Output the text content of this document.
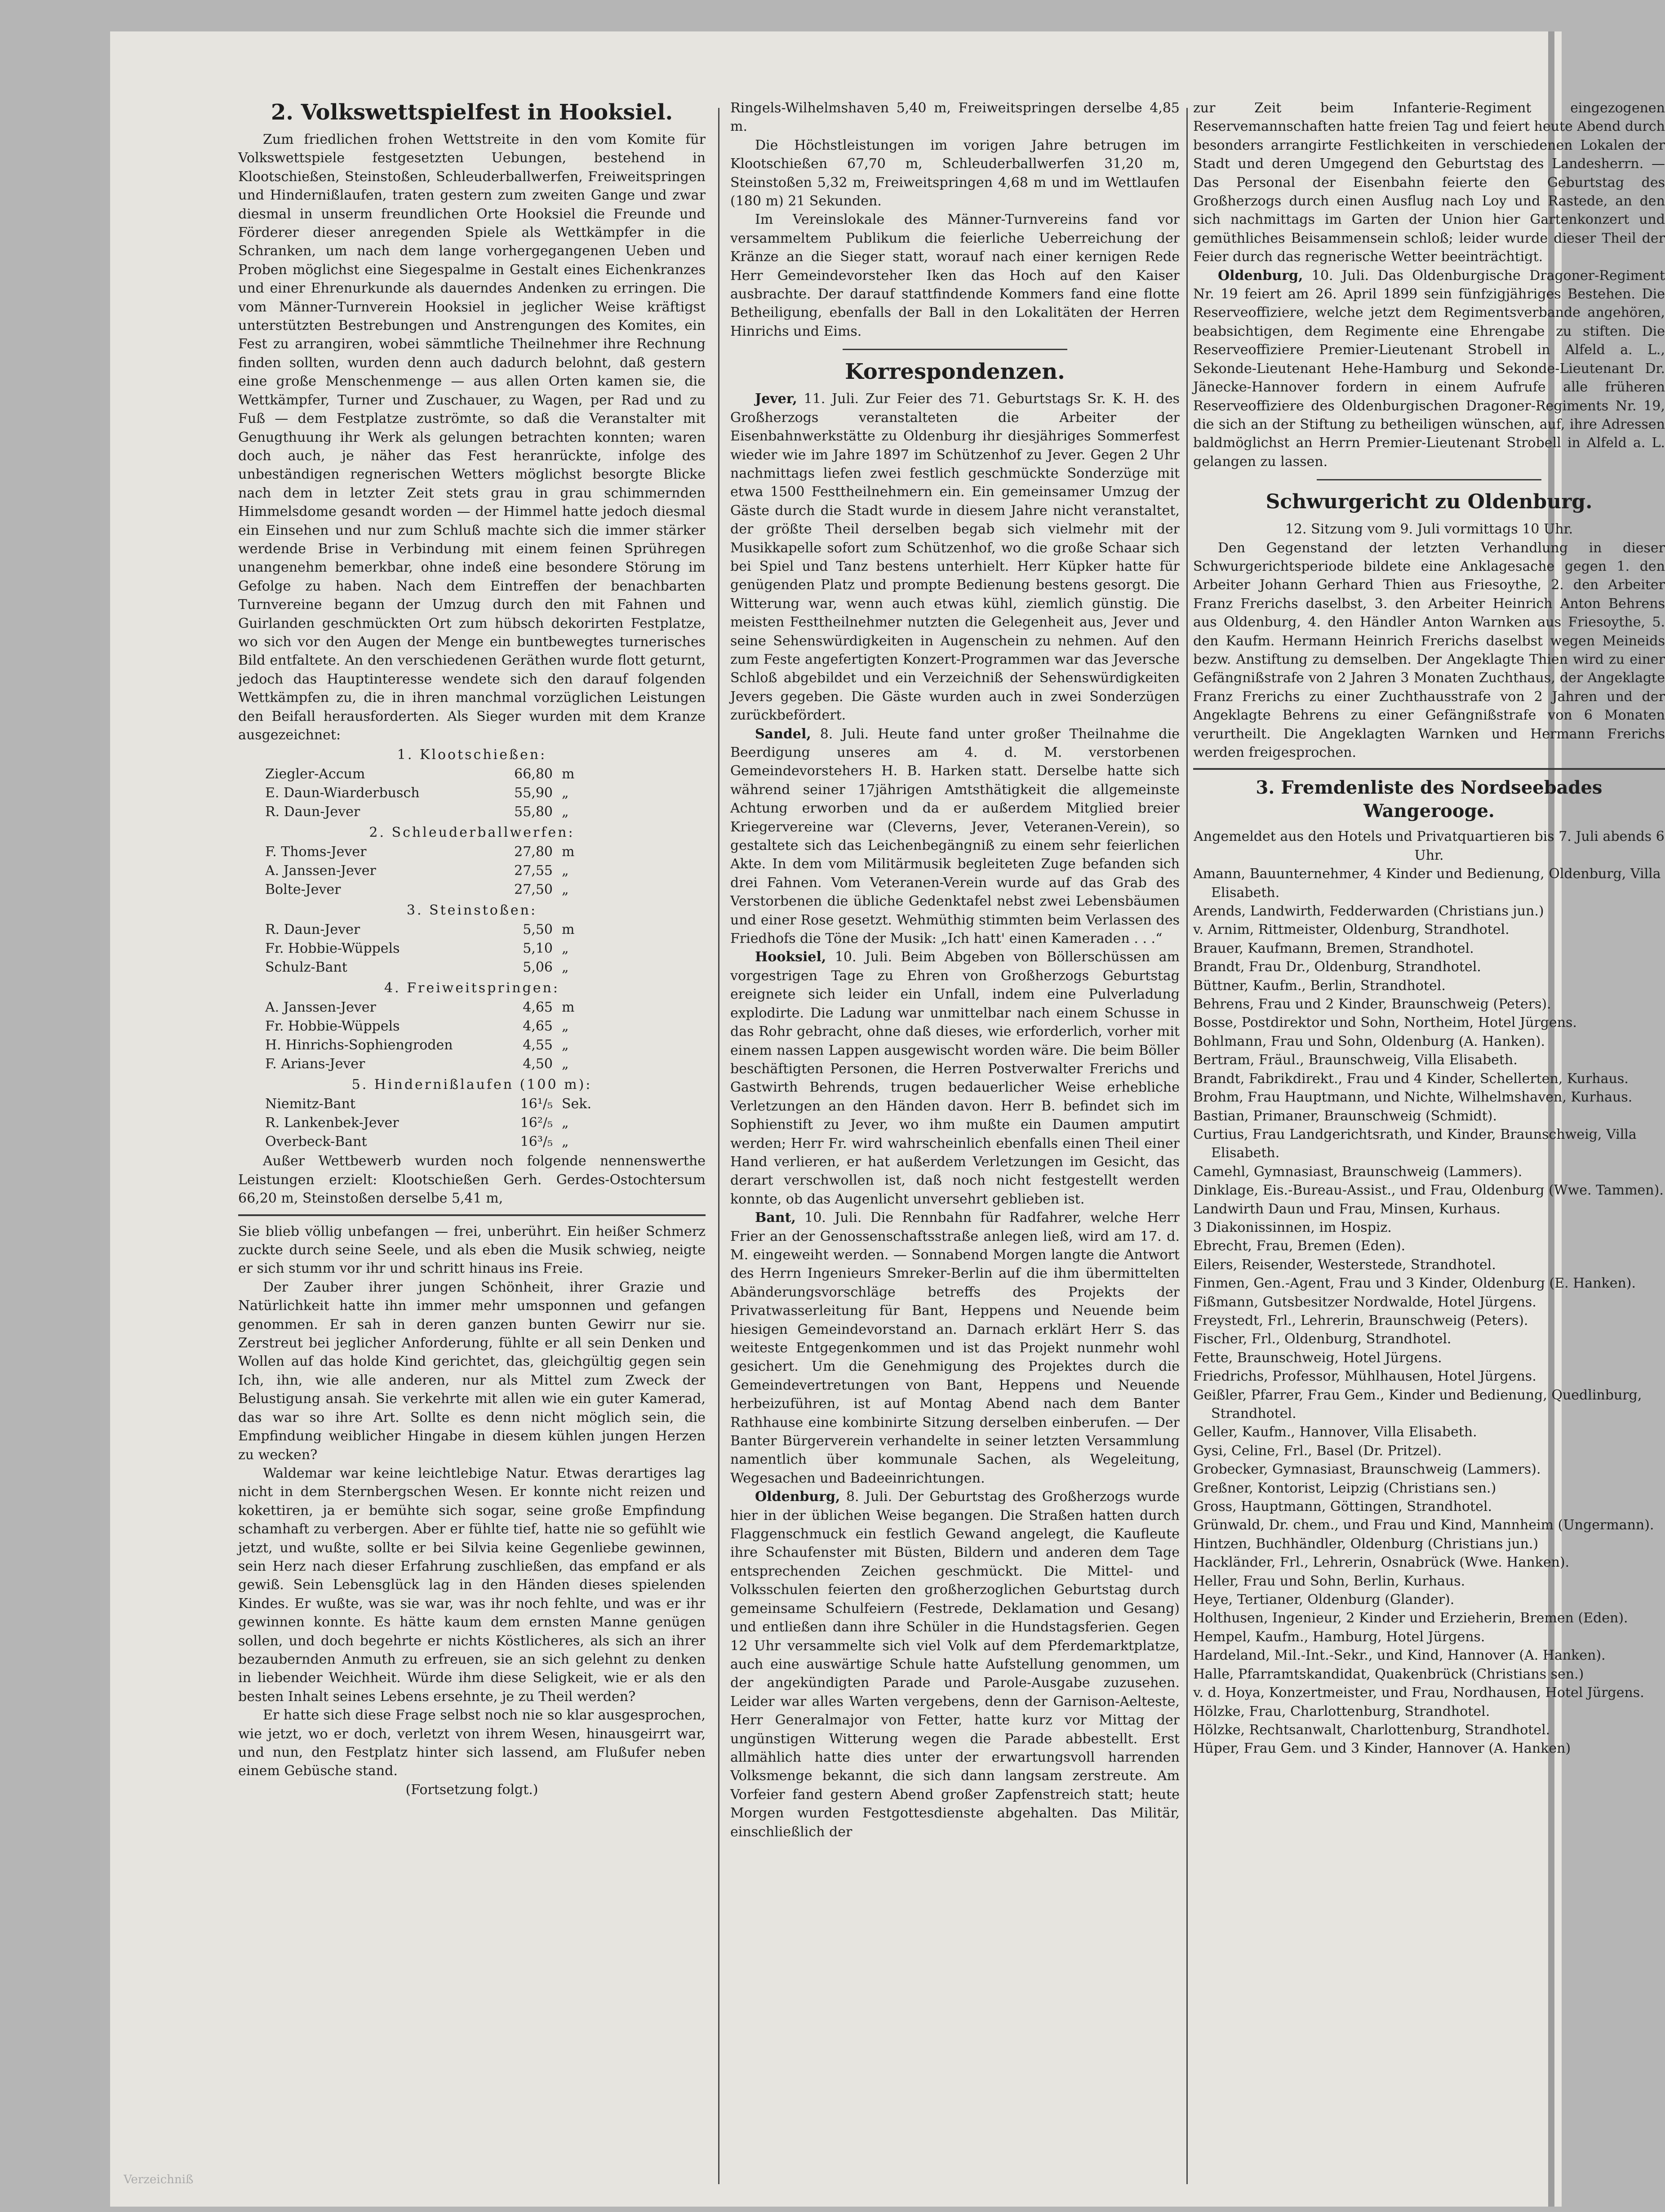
2. Volkswettspielfest in Hooksiel.

Zum friedlichen frohen Wettstreite in den vom Komite für Volkswettspiele festgesetzten Uebungen, bestehend in Klootschießen, Steinstoßen, Schleuderballwerfen, Freiweitspringen und Hindernißlaufen, traten gestern zum zweiten Gange und zwar diesmal in unserm freundlichen Orte Hooksiel die Freunde und Förderer dieser anregenden Spiele als Wettkämpfer in die Schranken, um nach dem lange vorhergegangenen Ueben und Proben möglichst eine Siegespalme in Gestalt eines Eichenkranzes und einer Ehrenurkunde als dauerndes Andenken zu erringen. Die vom Männer-Turnverein Hooksiel in jeglicher Weise kräftigst unterstützten Bestrebungen und Anstrengungen des Komites, ein Fest zu arrangiren, wobei sämmtliche Theilnehmer ihre Rechnung finden sollten, wurden denn auch dadurch belohnt, daß gestern eine große Menschenmenge — aus allen Orten kamen sie, die Wettkämpfer, Turner und Zuschauer, zu Wagen, per Rad und zu Fuß — dem Festplatze zuströmte, so daß die Veranstalter mit Genugthuung ihr Werk als gelungen betrachten konnten; waren doch auch, je näher das Fest heranrückte, infolge des unbeständigen regnerischen Wetters möglichst besorgte Blicke nach dem in letzter Zeit stets grau in grau schimmernden Himmelsdome gesandt worden — der Himmel hatte jedoch diesmal ein Einsehen und nur zum Schluß machte sich die immer stärker werdende Brise in Verbindung mit einem feinen Sprühregen unangenehm bemerkbar, ohne indeß eine besondere Störung im Gefolge zu haben. Nach dem Eintreffen der benachbarten Turnvereine begann der Umzug durch den mit Fahnen und Guirlanden geschmückten Ort zum hübsch dekorirten Festplatze, wo sich vor den Augen der Menge ein buntbewegtes turnerisches Bild entfaltete. An den verschiedenen Geräthen wurde flott geturnt, jedoch das Hauptinteresse wendete sich den darauf folgenden Wettkämpfen zu, die in ihren manchmal vorzüglichen Leistungen den Beifall herausforderten. Als Sieger wurden mit dem Kranze ausgezeichnet:

1. Klootschießen:
Ziegler-Accum	66,80	m
E. Daun-Wiarderbusch	55,90	„
R. Daun-Jever	55,80	„
2. Schleuderballwerfen:
F. Thoms-Jever	27,80	m
A. Janssen-Jever	27,55	„
Bolte-Jever	27,50	„
3. Steinstoßen:
R. Daun-Jever	5,50	m
Fr. Hobbie-Wüppels	5,10	„
Schulz-Bant	5,06	„
4. Freiweitspringen:
A. Janssen-Jever	4,65	m
Fr. Hobbie-Wüppels	4,65	„
H. Hinrichs-Sophiengroden	4,55	„
F. Arians-Jever	4,50	„
5. Hindernißlaufen (100 m):
Niemitz-Bant	16¹/₅	Sek.
R. Lankenbek-Jever	16²/₅	„
Overbeck-Bant	16³/₅	„

Außer Wettbewerb wurden noch folgende nennenswerthe Leistungen erzielt: Klootschießen Gerh. Gerdes-Ostochtersum 66,20 m, Steinstoßen derselbe 5,41 m,

Sie blieb völlig unbefangen — frei, unberührt. Ein heißer Schmerz zuckte durch seine Seele, und als eben die Musik schwieg, neigte er sich stumm vor ihr und schritt hinaus ins Freie.

Der Zauber ihrer jungen Schönheit, ihrer Grazie und Natürlichkeit hatte ihn immer mehr umsponnen und gefangen genommen. Er sah in deren ganzen bunten Gewirr nur sie. Zerstreut bei jeglicher Anforderung, fühlte er all sein Denken und Wollen auf das holde Kind gerichtet, das, gleichgültig gegen sein Ich, ihn, wie alle anderen, nur als Mittel zum Zweck der Belustigung ansah. Sie verkehrte mit allen wie ein guter Kamerad, das war so ihre Art. Sollte es denn nicht möglich sein, die Empfindung weiblicher Hingabe in diesem kühlen jungen Herzen zu wecken?

Waldemar war keine leichtlebige Natur. Etwas derartiges lag nicht in dem Sternbergschen Wesen. Er konnte nicht reizen und kokettiren, ja er bemühte sich sogar, seine große Empfindung schamhaft zu verbergen. Aber er fühlte tief, hatte nie so gefühlt wie jetzt, und wußte, sollte er bei Silvia keine Gegenliebe gewinnen, sein Herz nach dieser Erfahrung zuschließen, das empfand er als gewiß. Sein Lebensglück lag in den Händen dieses spielenden Kindes. Er wußte, was sie war, was ihr noch fehlte, und was er ihr gewinnen konnte. Es hätte kaum dem ernsten Manne genügen sollen, und doch begehrte er nichts Köstlicheres, als sich an ihrer bezaubernden Anmuth zu erfreuen, sie an sich gelehnt zu denken in liebender Weichheit. Würde ihm diese Seligkeit, wie er als den besten Inhalt seines Lebens ersehnte, je zu Theil werden?

Er hatte sich diese Frage selbst noch nie so klar ausgesprochen, wie jetzt, wo er doch, verletzt von ihrem Wesen, hinausgeirrt war, und nun, den Festplatz hinter sich lassend, am Flußufer neben einem Gebüsche stand.

(Fortsetzung folgt.)

Ringels-Wilhelmshaven 5,40 m, Freiweitspringen derselbe 4,85 m.

Die Höchstleistungen im vorigen Jahre betrugen im Klootschießen 67,70 m, Schleuderballwerfen 31,20 m, Steinstoßen 5,32 m, Freiweitspringen 4,68 m und im Wettlaufen (180 m) 21 Sekunden.

Im Vereinslokale des Männer-Turnvereins fand vor versammeltem Publikum die feierliche Ueberreichung der Kränze an die Sieger statt, worauf nach einer kernigen Rede Herr Gemeindevorsteher Iken das Hoch auf den Kaiser ausbrachte. Der darauf stattfindende Kommers fand eine flotte Betheiligung, ebenfalls der Ball in den Lokalitäten der Herren Hinrichs und Eims.

Korrespondenzen.

Jever, 11. Juli. Zur Feier des 71. Geburtstags Sr. K. H. des Großherzogs veranstalteten die Arbeiter der Eisenbahnwerkstätte zu Oldenburg ihr diesjähriges Sommerfest wieder wie im Jahre 1897 im Schützenhof zu Jever. Gegen 2 Uhr nachmittags liefen zwei festlich geschmückte Sonderzüge mit etwa 1500 Festtheilnehmern ein. Ein gemeinsamer Umzug der Gäste durch die Stadt wurde in diesem Jahre nicht veranstaltet, der größte Theil derselben begab sich vielmehr mit der Musikkapelle sofort zum Schützenhof, wo die große Schaar sich bei Spiel und Tanz bestens unterhielt. Herr Küpker hatte für genügenden Platz und prompte Bedienung bestens gesorgt. Die Witterung war, wenn auch etwas kühl, ziemlich günstig. Die meisten Festtheilnehmer nutzten die Gelegenheit aus, Jever und seine Sehenswürdigkeiten in Augenschein zu nehmen. Auf den zum Feste angefertigten Konzert-Programmen war das Jeversche Schloß abgebildet und ein Verzeichniß der Sehenswürdigkeiten Jevers gegeben. Die Gäste wurden auch in zwei Sonderzügen zurückbefördert.

Sandel, 8. Juli. Heute fand unter großer Theilnahme die Beerdigung unseres am 4. d. M. verstorbenen Gemeindevorstehers H. B. Harken statt. Derselbe hatte sich während seiner 17jährigen Amtsthätigkeit die allgemeinste Achtung erworben und da er außerdem Mitglied breier Kriegervereine war (Cleverns, Jever, Veteranen-Verein), so gestaltete sich das Leichenbegängniß zu einem sehr feierlichen Akte. In dem vom Militärmusik begleiteten Zuge befanden sich drei Fahnen. Vom Veteranen-Verein wurde auf das Grab des Verstorbenen die übliche Gedenktafel nebst zwei Lebensbäumen und einer Rose gesetzt. Wehmüthig stimmten beim Verlassen des Friedhofs die Töne der Musik: „Ich hatt' einen Kameraden . . .“

Hooksiel, 10. Juli. Beim Abgeben von Böllerschüssen am vorgestrigen Tage zu Ehren von Großherzogs Geburtstag ereignete sich leider ein Unfall, indem eine Pulverladung explodirte. Die Ladung war unmittelbar nach einem Schusse in das Rohr gebracht, ohne daß dieses, wie erforderlich, vorher mit einem nassen Lappen ausgewischt worden wäre. Die beim Böller beschäftigten Personen, die Herren Postverwalter Frerichs und Gastwirth Behrends, trugen bedauerlicher Weise erhebliche Verletzungen an den Händen davon. Herr B. befindet sich im Sophienstift zu Jever, wo ihm mußte ein Daumen amputirt werden; Herr Fr. wird wahrscheinlich ebenfalls einen Theil einer Hand verlieren, er hat außerdem Verletzungen im Gesicht, das derart verschwollen ist, daß noch nicht festgestellt werden konnte, ob das Augenlicht unversehrt geblieben ist.

Bant, 10. Juli. Die Rennbahn für Radfahrer, welche Herr Frier an der Genossenschaftsstraße anlegen ließ, wird am 17. d. M. eingeweiht werden. — Sonnabend Morgen langte die Antwort des Herrn Ingenieurs Smreker-Berlin auf die ihm übermittelten Abänderungsvorschläge betreffs des Projekts der Privatwasserleitung für Bant, Heppens und Neuende beim hiesigen Gemeindevorstand an. Darnach erklärt Herr S. das weiteste Entgegenkommen und ist das Projekt nunmehr wohl gesichert. Um die Genehmigung des Projektes durch die Gemeindevertretungen von Bant, Heppens und Neuende herbeizuführen, ist auf Montag Abend nach dem Banter Rathhause eine kombinirte Sitzung derselben einberufen. — Der Banter Bürgerverein verhandelte in seiner letzten Versammlung namentlich über kommunale Sachen, als Wegeleitung, Wegesachen und Badeeinrichtungen.

Oldenburg, 8. Juli. Der Geburtstag des Großherzogs wurde hier in der üblichen Weise begangen. Die Straßen hatten durch Flaggenschmuck ein festlich Gewand angelegt, die Kaufleute ihre Schaufenster mit Büsten, Bildern und anderen dem Tage entsprechenden Zeichen geschmückt. Die Mittel- und Volksschulen feierten den großherzoglichen Geburtstag durch gemeinsame Schulfeiern (Festrede, Deklamation und Gesang) und entließen dann ihre Schüler in die Hundstagsferien. Gegen 12 Uhr versammelte sich viel Volk auf dem Pferdemarktplatze, auch eine auswärtige Schule hatte Aufstellung genommen, um der angekündigten Parade und Parole-Ausgabe zuzusehen. Leider war alles Warten vergebens, denn der Garnison-Aelteste, Herr Generalmajor von Fetter, hatte kurz vor Mittag der ungünstigen Witterung wegen die Parade abbestellt. Erst allmählich hatte dies unter der erwartungsvoll harrenden Volksmenge bekannt, die sich dann langsam zerstreute. Am Vorfeier fand gestern Abend großer Zapfenstreich statt; heute Morgen wurden Festgottesdienste abgehalten. Das Militär, einschließlich der

zur Zeit beim Infanterie-Regiment eingezogenen Reservemannschaften hatte freien Tag und feiert heute Abend durch besonders arrangirte Festlichkeiten in verschiedenen Lokalen der Stadt und deren Umgegend den Geburtstag des Landesherrn. — Das Personal der Eisenbahn feierte den Geburtstag des Großherzogs durch einen Ausflug nach Loy und Rastede, an den sich nachmittags im Garten der Union hier Gartenkonzert und gemüthliches Beisammensein schloß; leider wurde dieser Theil der Feier durch das regnerische Wetter beeinträchtigt.

Oldenburg, 10. Juli. Das Oldenburgische Dragoner-Regiment Nr. 19 feiert am 26. April 1899 sein fünfzigjähriges Bestehen. Die Reserveoffiziere, welche jetzt dem Regimentsverbande angehören, beabsichtigen, dem Regimente eine Ehrengabe zu stiften. Die Reserveoffiziere Premier-Lieutenant Strobell in Alfeld a. L., Sekonde-Lieutenant Hehe-Hamburg und Sekonde-Lieutenant Dr. Jänecke-Hannover fordern in einem Aufrufe alle früheren Reserveoffiziere des Oldenburgischen Dragoner-Regiments Nr. 19, die sich an der Stiftung zu betheiligen wünschen, auf, ihre Adressen baldmöglichst an Herrn Premier-Lieutenant Strobell in Alfeld a. L. gelangen zu lassen.

Schwurgericht zu Oldenburg.

12. Sitzung vom 9. Juli vormittags 10 Uhr.

Den Gegenstand der letzten Verhandlung in dieser Schwurgerichtsperiode bildete eine Anklagesache gegen 1. den Arbeiter Johann Gerhard Thien aus Friesoythe, 2. den Arbeiter Franz Frerichs daselbst, 3. den Arbeiter Heinrich Anton Behrens aus Oldenburg, 4. den Händler Anton Warnken aus Friesoythe, 5. den Kaufm. Hermann Heinrich Frerichs daselbst wegen Meineids bezw. Anstiftung zu demselben. Der Angeklagte Thien wird zu einer Gefängnißstrafe von 2 Jahren 3 Monaten Zuchthaus, der Angeklagte Franz Frerichs zu einer Zuchthausstrafe von 2 Jahren und der Angeklagte Behrens zu einer Gefängnißstrafe von 6 Monaten verurtheilt. Die Angeklagten Warnken und Hermann Frerichs werden freigesprochen.

3. Fremdenliste des Nordseebades Wangerooge.

Angemeldet aus den Hotels und Privatquartieren bis 7. Juli abends 6 Uhr.

Amann, Bauunternehmer, 4 Kinder und Bedienung, Oldenburg, Villa Elisabeth.

Arends, Landwirth, Fedderwarden (Christians jun.)

v. Arnim, Rittmeister, Oldenburg, Strandhotel.

Brauer, Kaufmann, Bremen, Strandhotel.

Brandt, Frau Dr., Oldenburg, Strandhotel.

Büttner, Kaufm., Berlin, Strandhotel.

Behrens, Frau und 2 Kinder, Braunschweig (Peters).

Bosse, Postdirektor und Sohn, Northeim, Hotel Jürgens.

Bohlmann, Frau und Sohn, Oldenburg (A. Hanken).

Bertram, Fräul., Braunschweig, Villa Elisabeth.

Brandt, Fabrikdirekt., Frau und 4 Kinder, Schellerten, Kurhaus.

Brohm, Frau Hauptmann, und Nichte, Wilhelmshaven, Kurhaus.

Bastian, Primaner, Braunschweig (Schmidt).

Curtius, Frau Landgerichtsrath, und Kinder, Braunschweig, Villa Elisabeth.

Camehl, Gymnasiast, Braunschweig (Lammers).

Dinklage, Eis.-Bureau-Assist., und Frau, Oldenburg (Wwe. Tammen).

Landwirth Daun und Frau, Minsen, Kurhaus.

3 Diakonissinnen, im Hospiz.

Ebrecht, Frau, Bremen (Eden).

Eilers, Reisender, Westerstede, Strandhotel.

Finmen, Gen.-Agent, Frau und 3 Kinder, Oldenburg (E. Hanken).

Fißmann, Gutsbesitzer Nordwalde, Hotel Jürgens.

Freystedt, Frl., Lehrerin, Braunschweig (Peters).

Fischer, Frl., Oldenburg, Strandhotel.

Fette, Braunschweig, Hotel Jürgens.

Friedrichs, Professor, Mühlhausen, Hotel Jürgens.

Geißler, Pfarrer, Frau Gem., Kinder und Bedienung, Quedlinburg, Strandhotel.

Geller, Kaufm., Hannover, Villa Elisabeth.

Gysi, Celine, Frl., Basel (Dr. Pritzel).

Grobecker, Gymnasiast, Braunschweig (Lammers).

Greßner, Kontorist, Leipzig (Christians sen.)

Gross, Hauptmann, Göttingen, Strandhotel.

Grünwald, Dr. chem., und Frau und Kind, Mannheim (Ungermann).

Hintzen, Buchhändler, Oldenburg (Christians jun.)

Hackländer, Frl., Lehrerin, Osnabrück (Wwe. Hanken).

Heller, Frau und Sohn, Berlin, Kurhaus.

Heye, Tertianer, Oldenburg (Glander).

Holthusen, Ingenieur, 2 Kinder und Erzieherin, Bremen (Eden).

Hempel, Kaufm., Hamburg, Hotel Jürgens.

Hardeland, Mil.-Int.-Sekr., und Kind, Hannover (A. Hanken).

Halle, Pfarramtskandidat, Quakenbrück (Christians sen.)

v. d. Hoya, Konzertmeister, und Frau, Nordhausen, Hotel Jürgens.

Hölzke, Frau, Charlottenburg, Strandhotel.

Hölzke, Rechtsanwalt, Charlottenburg, Strandhotel.

Hüper, Frau Gem. und 3 Kinder, Hannover (A. Hanken)

Verzeichniß
